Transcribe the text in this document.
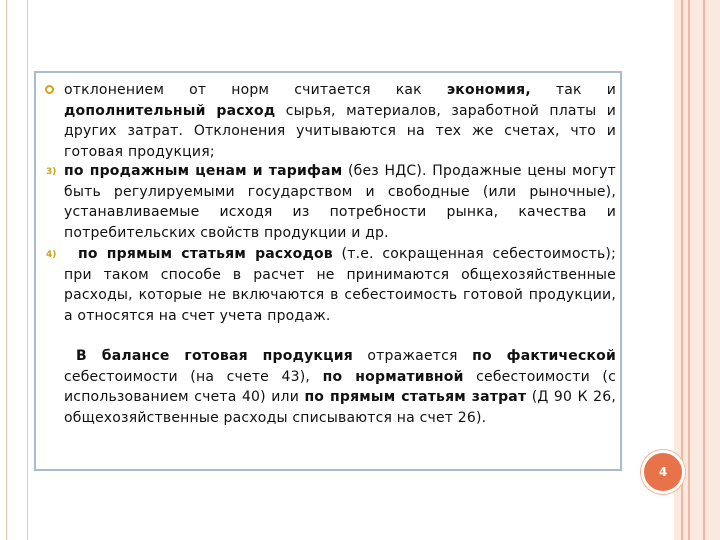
отклонением от норм считается как экономия, так и дополнительный расход сырья, материалов, заработной платы и других затрат. Отклонения учитываются на тех же счетах, что и готовая продукция;
3) по продажным ценам и тарифам (без НДС). Продажные цены могут быть регулируемыми государством и свободные (или рыночные), устанавливаемые исходя из потребности рынка, качества и потребительских свойств продукции и др.
4)	по прямым статьям расходов (т.е. сокращенная себестоимость); при таком способе в расчет не принимаются общехозяйственные расходы, которые не включаются в себестоимость готовой продукции, а относятся на счет учета продаж.
В балансе готовая продукция отражается по фактической себестоимости (на счете 43), по нормативной себестоимости (с использованием счета 40) или по прямым статьям затрат (Д 90 К 26, общехозяйственные расходы списываются на счет 26).
4
